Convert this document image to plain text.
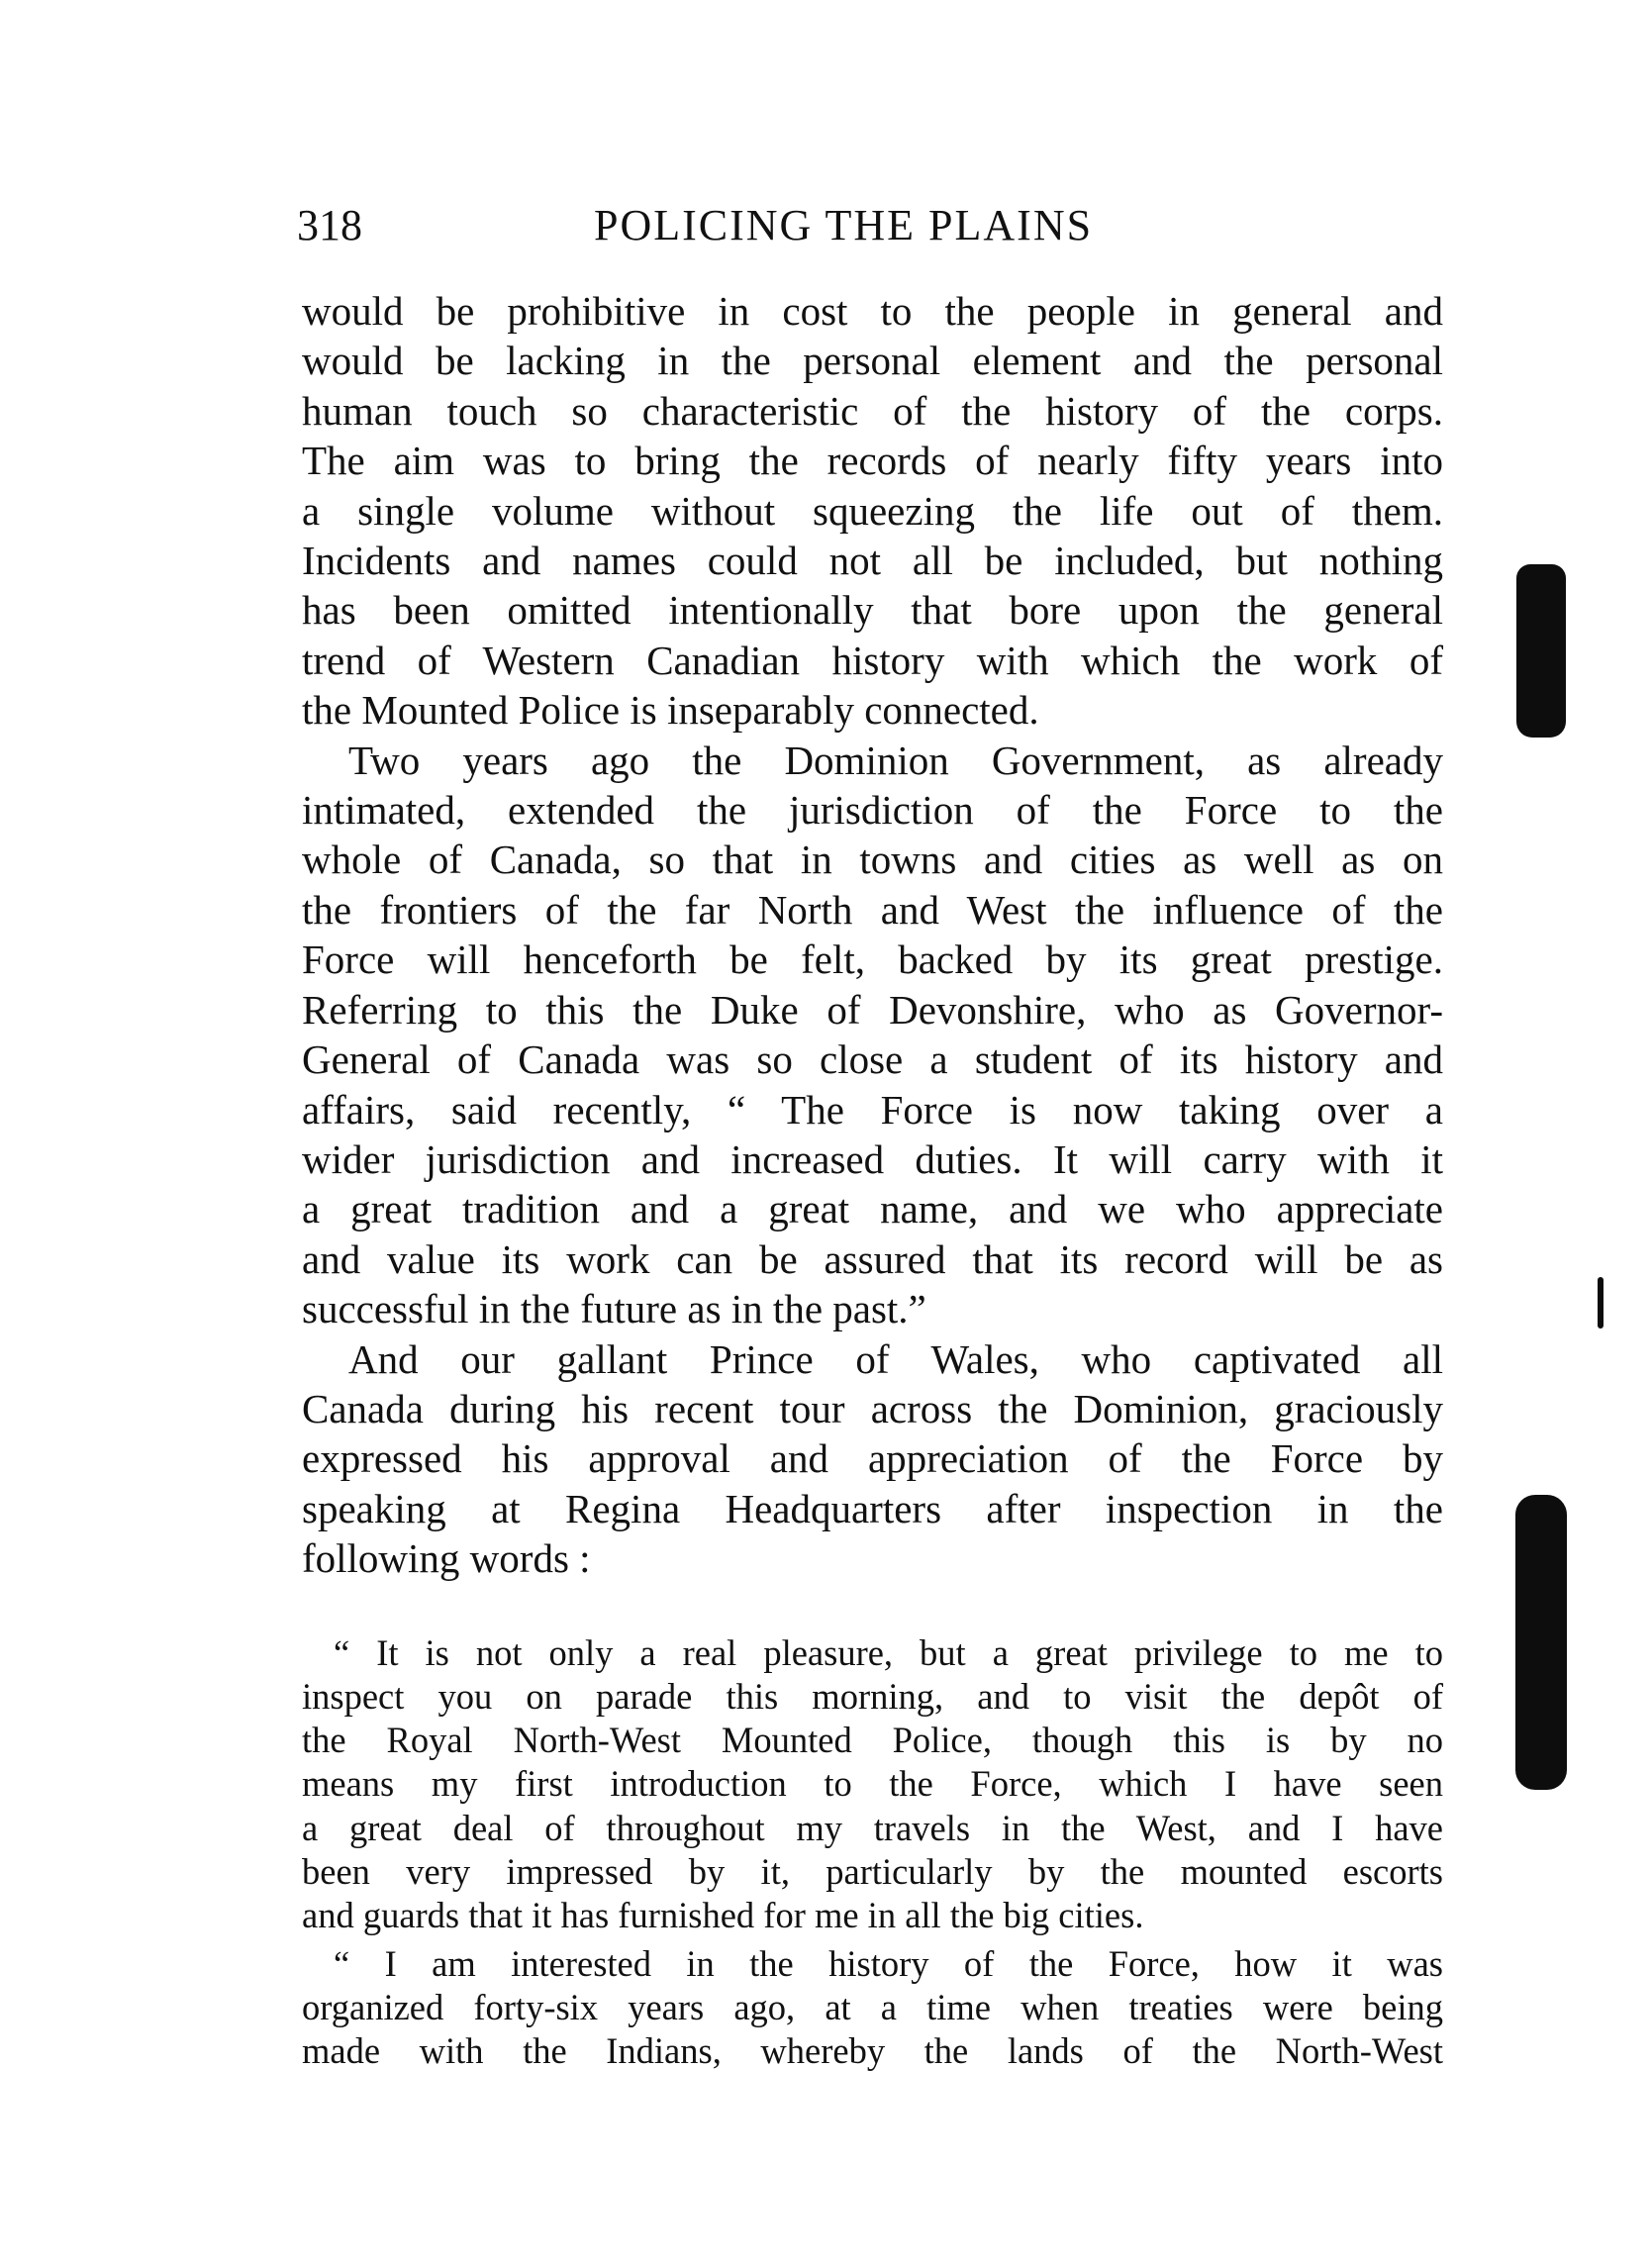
318	POLICING THE PLAINS

would be prohibitive in cost to the people in general and
would be lacking in the personal element and the personal
human touch so characteristic of the history of the corps.
The aim was to bring the records of nearly fifty years into
a single volume without squeezing the life out of them.
Incidents and names could not all be included, but nothing
has been omitted intentionally that bore upon the general
trend of Western Canadian history with which the work of
the Mounted Police is inseparably connected.

Two years ago the Dominion Government, as already
intimated, extended the jurisdiction of the Force to the
whole of Canada, so that in towns and cities as well as on
the frontiers of the far North and West the influence of the
Force will henceforth be felt, backed by its great prestige.
Referring to this the Duke of Devonshire, who as Governor-
General of Canada was so close a student of its history and
affairs, said recently, “ The Force is now taking over a
wider jurisdiction and increased duties. It will carry with it
a great tradition and a great name, and we who appreciate
and value its work can be assured that its record will be as
successful in the future as in the past.”

And our gallant Prince of Wales, who captivated all
Canada during his recent tour across the Dominion, graciously
expressed his approval and appreciation of the Force by
speaking at Regina Headquarters after inspection in the
following words :

“ It is not only a real pleasure, but a great privilege to me to
inspect you on parade this morning, and to visit the depôt of
the Royal North-West Mounted Police, though this is by no
means my first introduction to the Force, which I have seen
a great deal of throughout my travels in the West, and I have
been very impressed by it, particularly by the mounted escorts
and guards that it has furnished for me in all the big cities.
“ I am interested in the history of the Force, how it was
organized forty-six years ago, at a time when treaties were being
made with the Indians, whereby the lands of the North-West
